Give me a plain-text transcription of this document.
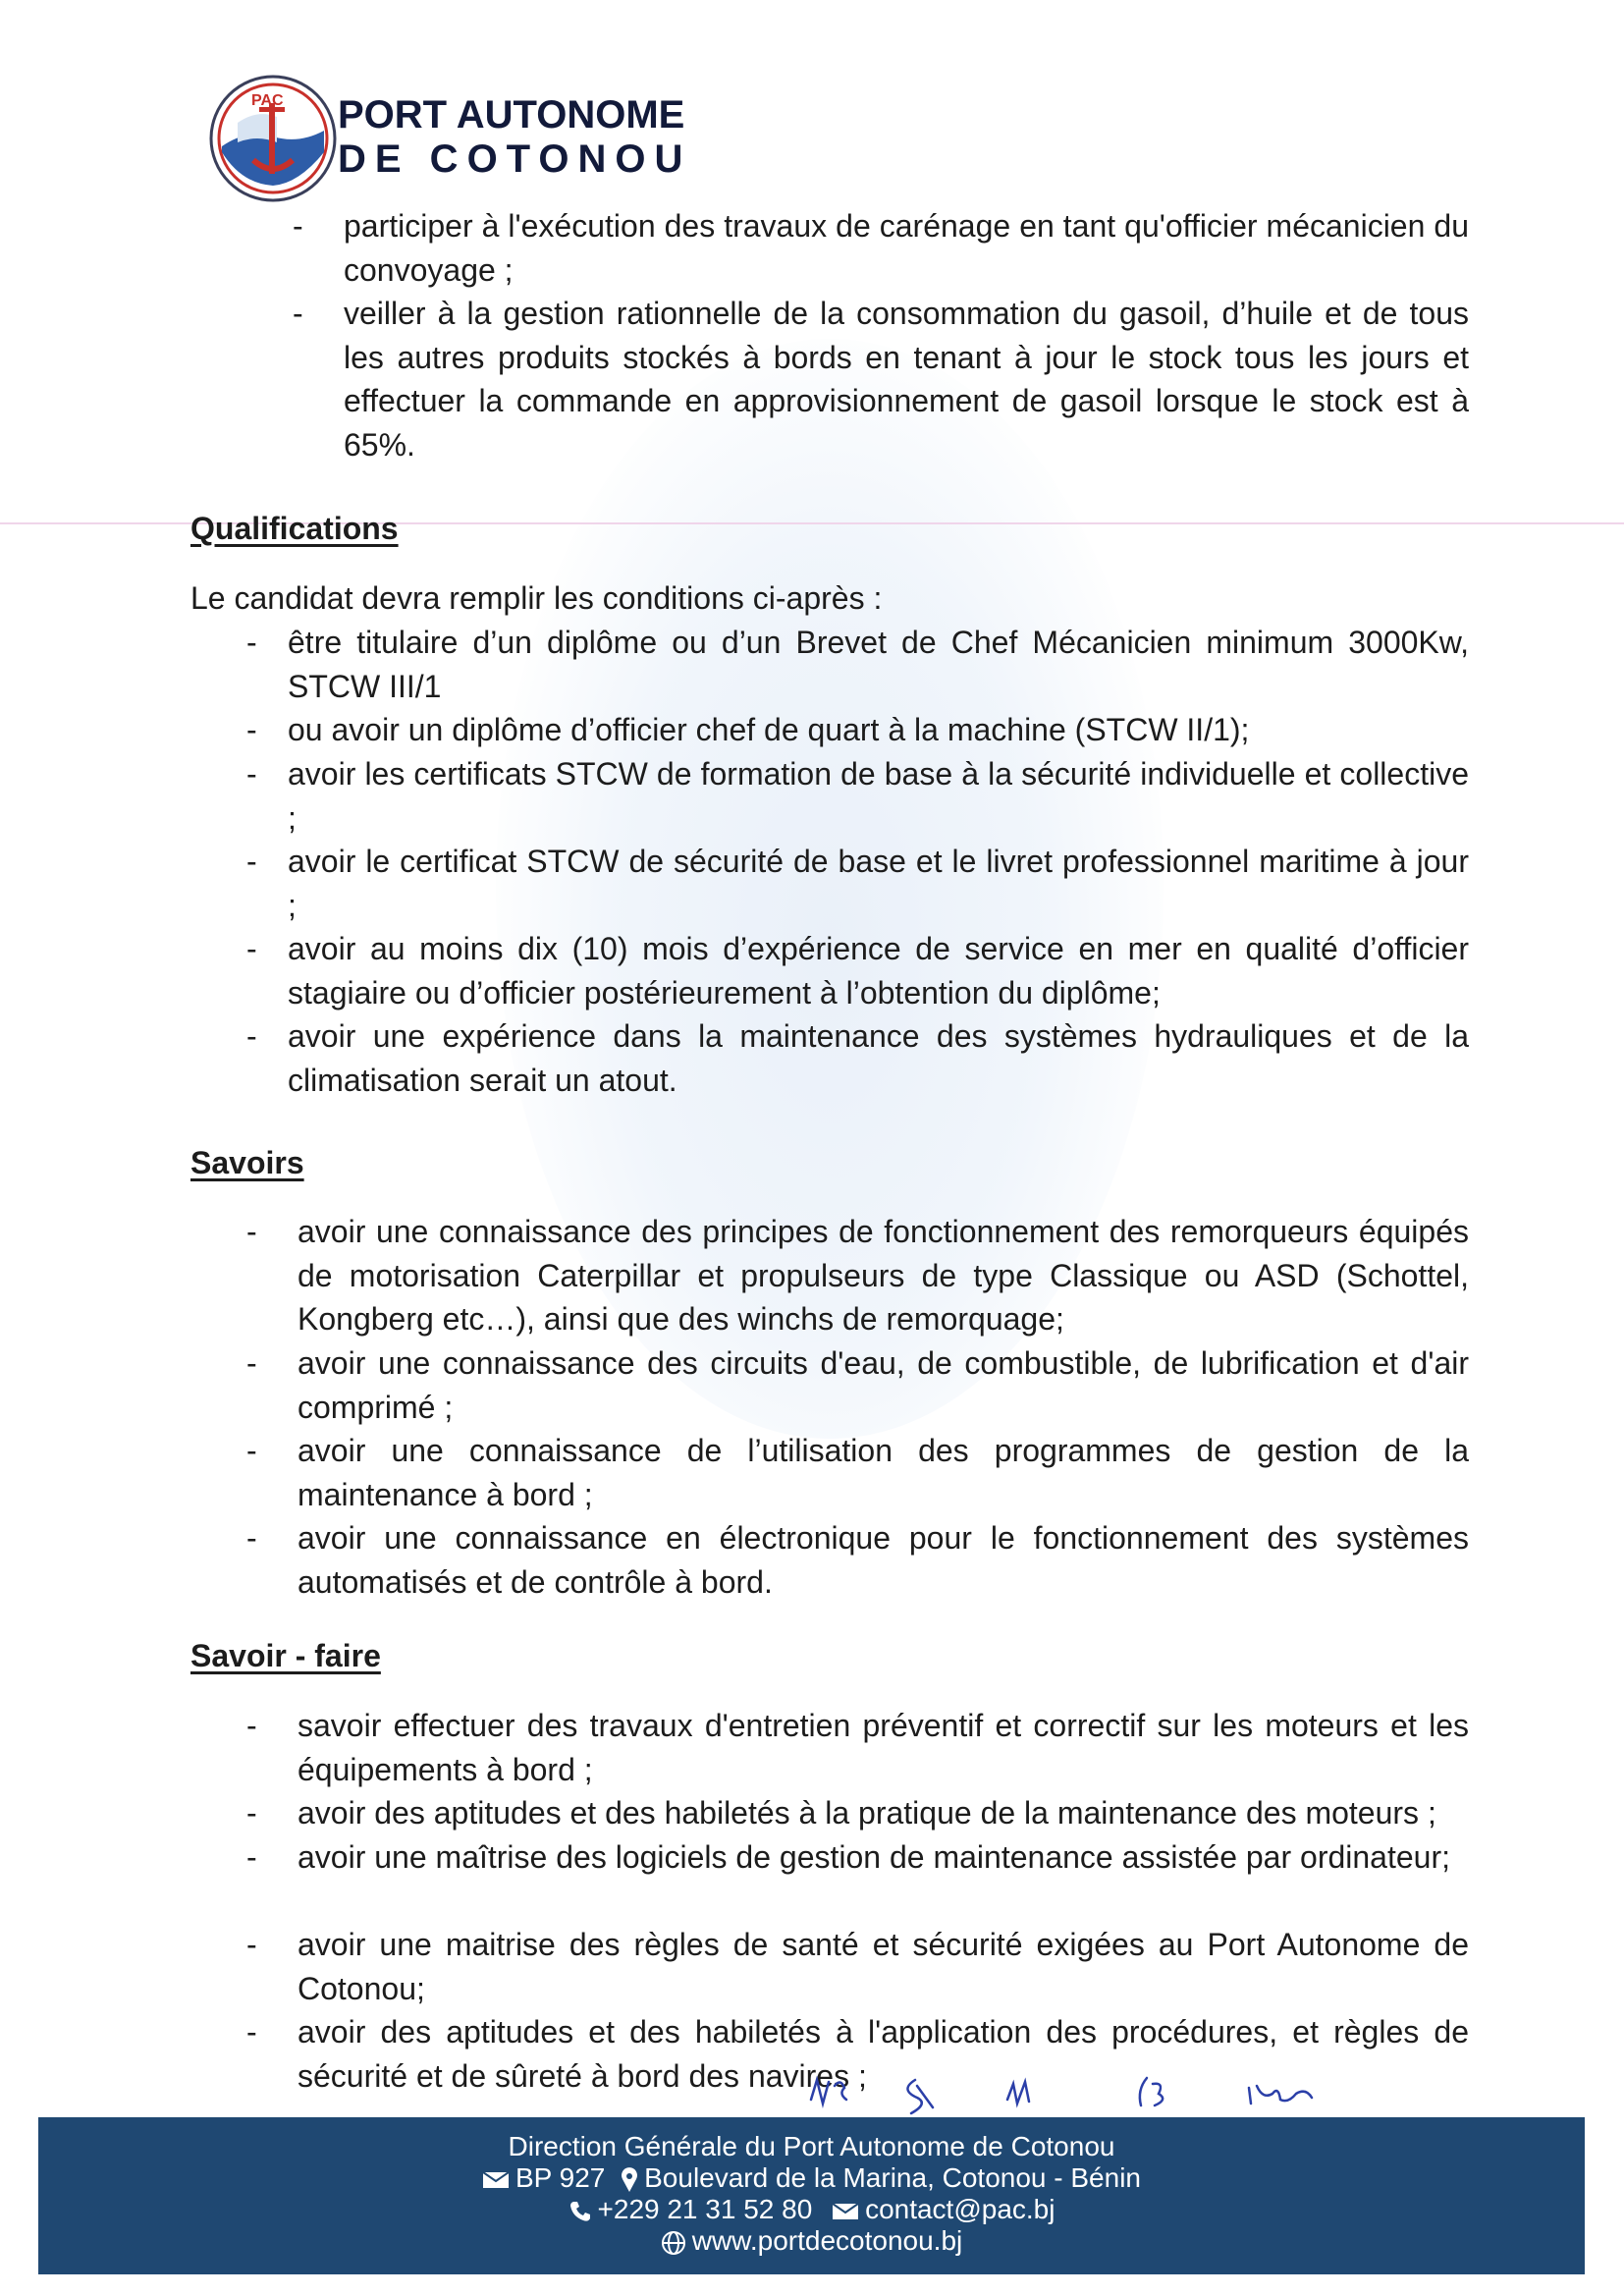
PAC PORT AUTONOME
DE COTONOU
- participer à l'exécution des travaux de carénage en tant qu'officier mécanicien du convoyage ;
- veiller à la gestion rationnelle de la consommation du gasoil, d’huile et de tous les autres produits stockés à bords en tenant à jour le stock tous les jours et effectuer la commande en approvisionnement de gasoil lorsque le stock est à 65%.
Qualifications
Le candidat devra remplir les conditions ci-après :
- être titulaire d’un diplôme ou d’un Brevet de Chef Mécanicien minimum 3000Kw, STCW III/1
- ou avoir un diplôme d’officier chef de quart à la machine (STCW II/1);
- avoir les certificats STCW de formation de base à la sécurité individuelle et collective ;
- avoir le certificat STCW de sécurité de base et le livret professionnel maritime à jour ;
- avoir au moins dix (10) mois d’expérience de service en mer en qualité d’officier stagiaire ou d’officier postérieurement à l’obtention du diplôme;
- avoir une expérience dans la maintenance des systèmes hydrauliques et de la climatisation serait un atout.
Savoirs
- avoir une connaissance des principes de fonctionnement des remorqueurs équipés de motorisation Caterpillar et propulseurs de type Classique ou ASD (Schottel, Kongberg etc…), ainsi que des winchs de remorquage;
- avoir une connaissance des circuits d'eau, de combustible, de lubrification et d'air comprimé ;
- avoir une connaissance de l’utilisation des programmes de gestion de la maintenance à bord ;
- avoir une connaissance en électronique pour le fonctionnement des systèmes automatisés et de contrôle à bord.
Savoir - faire
- savoir effectuer des travaux d'entretien préventif et correctif sur les moteurs et les équipements à bord ;
- avoir des aptitudes et des habiletés à la pratique de la maintenance des moteurs ;
- avoir une maîtrise des logiciels de gestion de maintenance assistée par ordinateur;
- avoir une maitrise des règles de santé et sécurité exigées au Port Autonome de Cotonou;
- avoir des aptitudes et des habiletés à l'application des procédures, et règles de sécurité et de sûreté à bord des navires ;
Direction Générale du Port Autonome de Cotonou
BP 927 Boulevard de la Marina, Cotonou - Bénin
+229 21 31 52 80 contact@pac.bj
www.portdecotonou.bj
